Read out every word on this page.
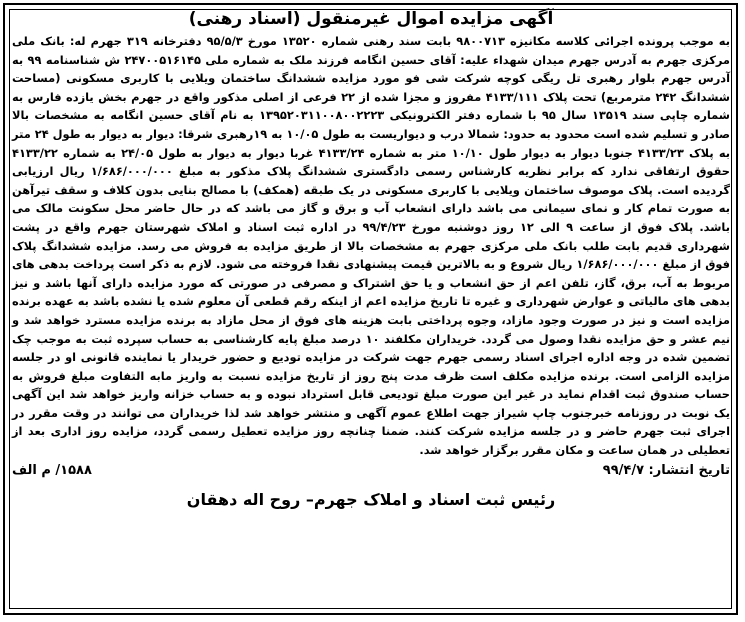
آگهی مزایده اموال غیرمنقول (اسناد رهنی)

به موجب پرونده اجرائی کلاسه مکانیزه ۹۸۰۰۷۱۳ بابت سند رهنی شماره ۱۳۵۲۰ مورخ ۹۵/۵/۳ دفترخانه ۳۱۹ جهرم له: بانک ملی مرکزی جهرم به آدرس جهرم میدان شهداء علیه: آقای حسین انگامه فرزند ملک به شماره ملی ۲۴۷۰۰۵۱۶۱۴۵ ش شناسنامه ۹۹ به آدرس جهرم بلوار رهبری تل ریگی کوچه شرکت شی فو مورد مزایده ششدانگ ساختمان ویلایی با کاربری مسکونی (مساحت ششدانگ ۲۴۲ مترمربع) تحت پلاک ۴۱۳۳/۱۱۱ مفروز و مجزا شده از ۲۲ فرعی از اصلی مذکور واقع در جهرم بخش یازده فارس به شماره چاپی سند ۱۳۵۱۹ سال ۹۵ با شماره دفتر الکترونیکی ۱۳۹۵۲۰۳۱۱۰۰۸۰۰۲۲۲۳ به نام آقای حسین انگامه به مشخصات بالا صادر و تسلیم شده است محدود به حدود: شمالا درب و دیواریست به طول ۱۰/۰۵ به ۱۹رهبری شرقا: دیوار به دیوار به طول ۲۴ متر به پلاک ۴۱۳۳/۲۳ جنوبا دیوار به دیوار طول ۱۰/۱۰ متر به شماره ۴۱۳۳/۲۴ غربا دیوار به دیوار به طول ۲۴/۰۵ به شماره ۴۱۳۳/۲۲ حقوق ارتفاقی ندارد که برابر نظریه کارشناس رسمی دادگستری ششدانگ پلاک مذکور به مبلغ ۱/۶۸۶/۰۰۰/۰۰۰ ریال ارزیابی گردیده است. پلاک موصوف ساختمان ویلایی با کاربری مسکونی در یک طبقه (همکف) با مصالح بنایی بدون کلاف و سقف تیرآهن به صورت تمام کار و نمای سیمانی می باشد دارای انشعاب آب و برق و گاز می باشد که در حال حاضر محل سکونت مالک می باشد. پلاک فوق از ساعت ۹ الی ۱۲ روز دوشنبه مورخ ۹۹/۴/۲۳ در اداره ثبت اسناد و املاک شهرستان جهرم واقع در پشت شهرداری قدیم بابت طلب بانک ملی مرکزی جهرم به مشخصات بالا از طریق مزایده به فروش می رسد. مزایده ششدانگ پلاک فوق از مبلغ ۱/۶۸۶/۰۰۰/۰۰۰ ریال شروع و به بالاترین قیمت پیشنهادی نقدا فروخته می شود. لازم به ذکر است پرداخت بدهی های مربوط به آب، برق، گاز، تلفن اعم از حق انشعاب و یا حق اشتراک و مصرفی در صورتی که مورد مزایده دارای آنها باشد و نیز بدهی های مالیاتی و عوارض شهرداری و غیره تا تاریخ مزایده اعم از اینکه رقم قطعی آن معلوم شده یا نشده باشد به عهده برنده مزایده است و نیز در صورت وجود مازاد، وجوه پرداختی بابت هزینه های فوق از محل مازاد به برنده مزایده مسترد خواهد شد و نیم عشر و حق مزایده نقدا وصول می گردد. خریداران مکلفند ۱۰ درصد مبلغ پایه کارشناسی به حساب سپرده ثبت به موجب چک تضمین شده در وجه اداره اجرای اسناد رسمی جهرم جهت شرکت در مزایده تودیع و حضور خریدار یا نماینده قانونی او در جلسه مزایده الزامی است. برنده مزایده مکلف است ظرف مدت پنج روز از تاریخ مزایده نسبت به واریز مابه التفاوت مبلغ فروش به حساب صندوق ثبت اقدام نماید در غیر این صورت مبلغ تودیعی قابل استرداد نبوده و به حساب خزانه واریز خواهد شد این آگهی یک نوبت در روزنامه خبرجنوب چاپ شیراز جهت اطلاع عموم آگهی و منتشر خواهد شد لذا خریداران می توانند در وقت مقرر در اجرای ثبت جهرم حاضر و در جلسه مزایده شرکت کنند. ضمنا چنانچه روز مزایده تعطیل رسمی گردد، مزایده روز اداری بعد از تعطیلی در همان ساعت و مکان مقرر برگزار خواهد شد.

تاریخ انتشار: ۹۹/۴/۷
۱۵۸۸/ م الف
رئیس ثبت اسناد و املاک جهرم– روح اله دهقان
